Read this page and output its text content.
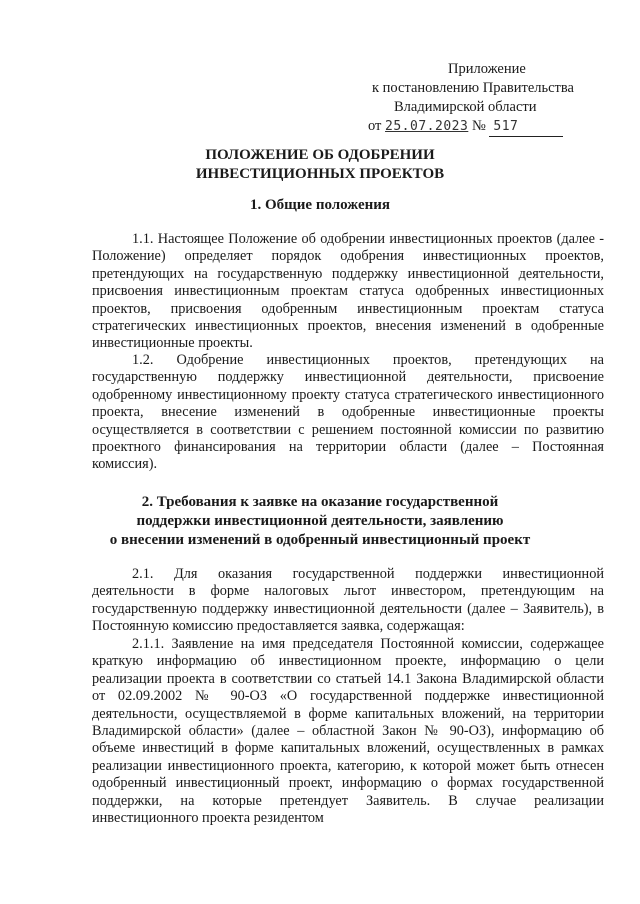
Приложение
к постановлению Правительства
Владимирской области
от 25.07.2023 № 517
ПОЛОЖЕНИЕ ОБ ОДОБРЕНИИ
ИНВЕСТИЦИОННЫХ ПРОЕКТОВ
1. Общие положения
1.1. Настоящее Положение об одобрении инвестиционных проектов (далее - Положение) определяет порядок одобрения инвестиционных проектов, претендующих на государственную поддержку инвестиционной деятельности, присвоения инвестиционным проектам статуса одобренных инвестиционных проектов, присвоения одобренным инвестиционным проектам статуса стратегических инвестиционных проектов, внесения изменений в одобренные инвестиционные проекты.
1.2. Одобрение инвестиционных проектов, претендующих на государственную поддержку инвестиционной деятельности, присвоение одобренному инвестиционному проекту статуса стратегического инвестиционного проекта, внесение изменений в одобренные инвестиционные проекты осуществляется в соответствии с решением постоянной комиссии по развитию проектного финансирования на территории области (далее – Постоянная комиссия).
2. Требования к заявке на оказание государственной
поддержки инвестиционной деятельности, заявлению
о внесении изменений в одобренный инвестиционный проект
2.1. Для оказания государственной поддержки инвестиционной деятельности в форме налоговых льгот инвестором, претендующим на государственную поддержку инвестиционной деятельности (далее – Заявитель), в Постоянную комиссию предоставляется заявка, содержащая:
2.1.1. Заявление на имя председателя Постоянной комиссии, содержащее краткую информацию об инвестиционном проекте, информацию о цели реализации проекта в соответствии со статьей 14.1 Закона Владимирской области от 02.09.2002 № 90-ОЗ «О государственной поддержке инвестиционной деятельности, осуществляемой в форме капитальных вложений, на территории Владимирской области» (далее – областной Закон № 90-ОЗ), информацию об объеме инвестиций в форме капитальных вложений, осуществленных в рамках реализации инвестиционного проекта, категорию, к которой может быть отнесен одобренный инвестиционный проект, информацию о формах государственной поддержки, на которые претендует Заявитель. В случае реализации инвестиционного проекта резидентом
